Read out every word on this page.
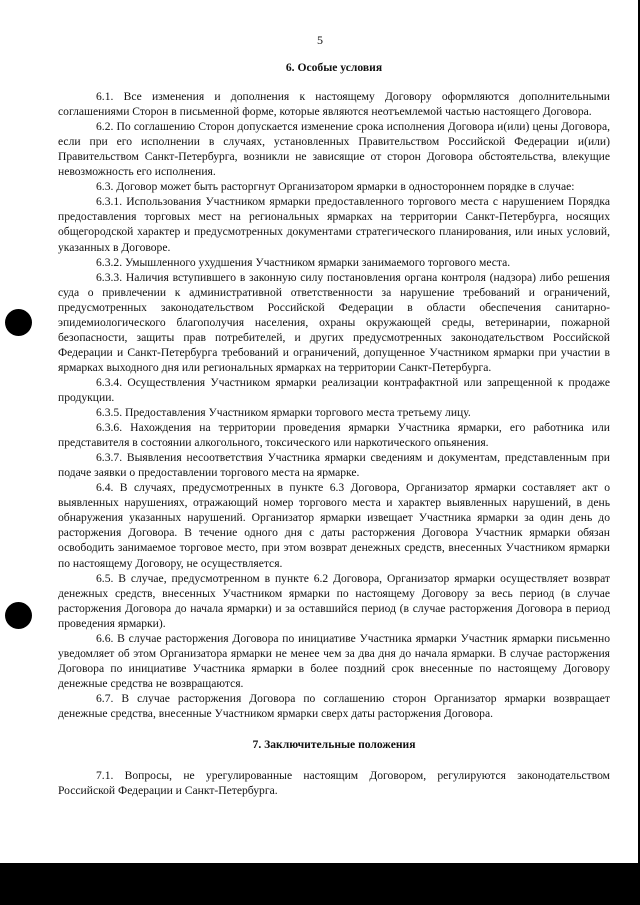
5
6. Особые условия

6.1. Все изменения и дополнения к настоящему Договору оформляются дополнительными соглашениями Сторон в письменной форме, которые являются неотъемлемой частью настоящего Договора.

6.2. По соглашению Сторон допускается изменение срока исполнения Договора и(или) цены Договора, если при его исполнении в случаях, установленных Правительством Российской Федерации и(или) Правительством Санкт-Петербурга, возникли не зависящие от сторон Договора обстоятельства, влекущие невозможность его исполнения.

6.3. Договор может быть расторгнут Организатором ярмарки в одностороннем порядке в случае:

6.3.1. Использования Участником ярмарки предоставленного торгового места с нарушением Порядка предоставления торговых мест на региональных ярмарках на территории Санкт-Петербурга, носящих общегородской характер и предусмотренных документами стратегического планирования, или иных условий, указанных в Договоре.

6.3.2. Умышленного ухудшения Участником ярмарки занимаемого торгового места.

6.3.3. Наличия вступившего в законную силу постановления органа контроля (надзора) либо решения суда о привлечении к административной ответственности за нарушение требований и ограничений, предусмотренных законодательством Российской Федерации в области обеспечения санитарно-эпидемиологического благополучия населения, охраны окружающей среды, ветеринарии, пожарной безопасности, защиты прав потребителей, и других предусмотренных законодательством Российской Федерации и Санкт-Петербурга требований и ограничений, допущенное Участником ярмарки при участии в ярмарках выходного дня или региональных ярмарках на территории Санкт-Петербурга.

6.3.4. Осуществления Участником ярмарки реализации контрафактной или запрещенной к продаже продукции.

6.3.5. Предоставления Участником ярмарки торгового места третьему лицу.

6.3.6. Нахождения на территории проведения ярмарки Участника ярмарки, его работника или представителя в состоянии алкогольного, токсического или наркотического опьянения.

6.3.7. Выявления несоответствия Участника ярмарки сведениям и документам, представленным при подаче заявки о предоставлении торгового места на ярмарке.

6.4. В случаях, предусмотренных в пункте 6.3 Договора, Организатор ярмарки составляет акт о выявленных нарушениях, отражающий номер торгового места и характер выявленных нарушений, в день обнаружения указанных нарушений. Организатор ярмарки извещает Участника ярмарки за один день до расторжения Договора. В течение одного дня с даты расторжения Договора Участник ярмарки обязан освободить занимаемое торговое место, при этом возврат денежных средств, внесенных Участником ярмарки по настоящему Договору, не осуществляется.

6.5. В случае, предусмотренном в пункте 6.2 Договора, Организатор ярмарки осуществляет возврат денежных средств, внесенных Участником ярмарки по настоящему Договору за весь период (в случае расторжения Договора до начала ярмарки) и за оставшийся период (в случае расторжения Договора в период проведения ярмарки).

6.6. В случае расторжения Договора по инициативе Участника ярмарки Участник ярмарки письменно уведомляет об этом Организатора ярмарки не менее чем за два дня до начала ярмарки. В случае расторжения Договора по инициативе Участника ярмарки в более поздний срок внесенные по настоящему Договору денежные средства не возвращаются.

6.7. В случае расторжения Договора по соглашению сторон Организатор ярмарки возвращает денежные средства, внесенные Участником ярмарки сверх даты расторжения Договора.

7. Заключительные положения

7.1. Вопросы, не урегулированные настоящим Договором, регулируются законодательством Российской Федерации и Санкт-Петербурга.
